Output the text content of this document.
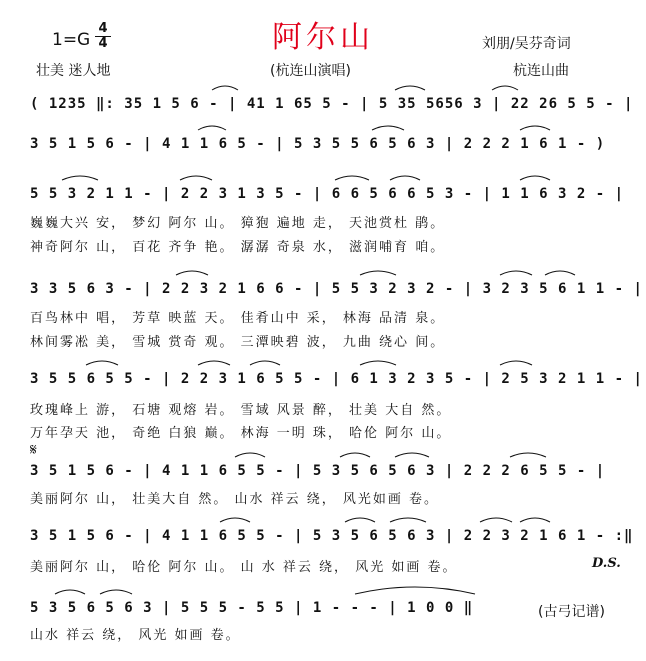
阿尔山
1=G
4
4	刘朋/吴芬奇词
壮美 迷人地	(杭连山演唱)	杭连山曲
( 1235 ‖: 35 1 5 6 - | 41 1 65 5 - | 5 35 5656 3 | 22 26 5 5 - |
3 5 1 5 6 - | 4 1 1 6 5 - | 5 3 5 5 6 5 6 3 | 2 2 2 1 6 1 - )
5 5 3 2 1 1 - | 2 2 3 1 3 5 - | 6 6 5 6 6 5 3 - | 1 1 6 3 2 - |
巍巍大兴 安， 梦幻 阿尔 山。 獐狍 遍地 走， 天池赏杜 鹃。
神奇阿尔 山， 百花 齐争 艳。 潺潺 奇泉 水， 滋润哺育 咱。
3 3 5 6 3 - | 2 2 3 2 1 6 6 - | 5 5 3 2 3 2 - | 3 2 3 5 6 1 1 - |
百鸟林中 唱， 芳草 映蓝 天。 佳肴山中 采， 林海 品清 泉。
林间雾凇 美， 雪城 赏奇 观。 三潭映碧 波， 九曲 绕心 间。
3 5 5 6 5 5 - | 2 2 3 1 6 5 5 - | 6 1 3 2 3 5 - | 2 5 3 2 1 1 - |
玫瑰峰上 游， 石塘 观熔 岩。 雪域 风景 醉， 壮美 大自 然。
万年孕天 池， 奇绝 白狼 巅。 林海 一明 珠， 哈伦 阿尔 山。
𝄋
3 5 1 5 6 - | 4 1 1 6 5 5 - | 5 3 5 6 5 6 3 | 2 2 2 6 5 5 - |
美丽阿尔 山， 壮美大自 然。 山水 祥云 绕， 风光如画 卷。
3 5 1 5 6 - | 4 1 1 6 5 5 - | 5 3 5 6 5 6 3 | 2 2 3 2 1 6 1 - :‖
美丽阿尔 山， 哈伦 阿尔 山。 山 水 祥云 绕， 风光 如画 卷。	D.S.
5 3 5 6 5 6 3 | 5 5 5 - 5 5 | 1 - - - | 1 0 0 ‖
山水 祥云 绕， 风光 如画 卷。
(古弓记谱)
